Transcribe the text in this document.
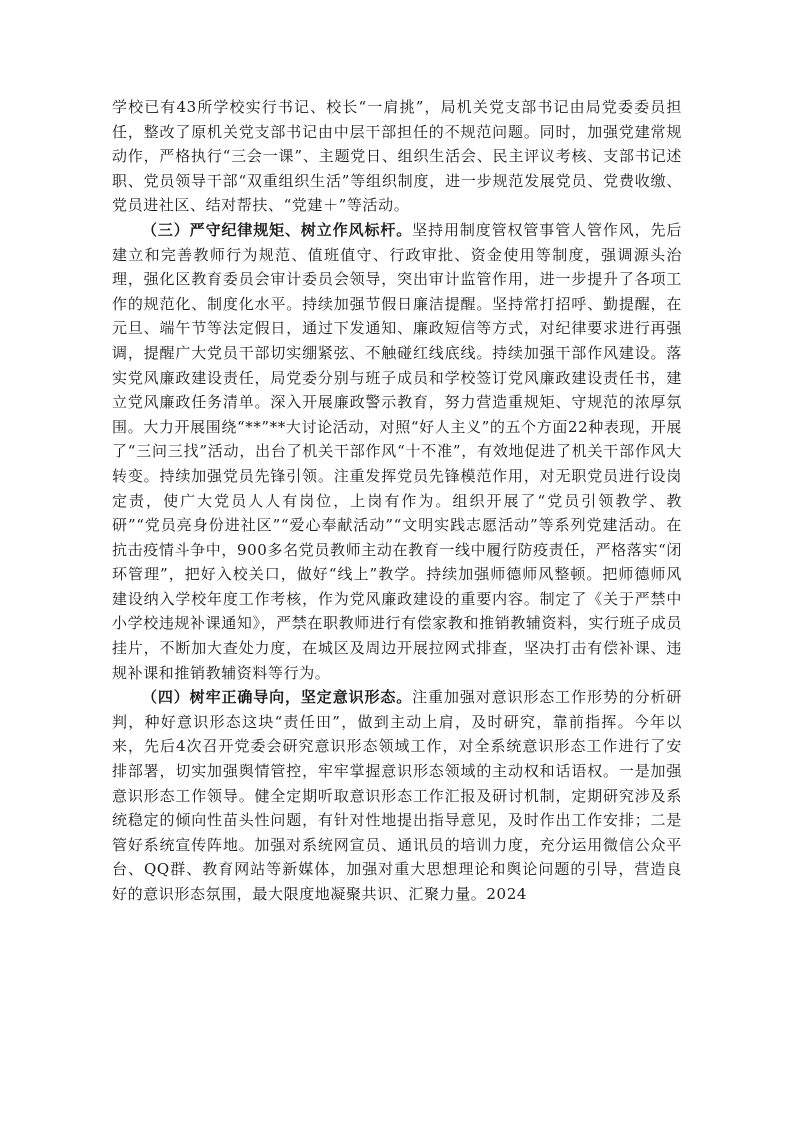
学校已有43所学校实行书记、校长“一肩挑”，局机关党支部书记由局党委委员担任，整改了原机关党支部书记由中层干部担任的不规范问题。同时，加强党建常规动作，严格执行“三会一课”、主题党日、组织生活会、民主评议考核、支部书记述职、党员领导干部“双重组织生活”等组织制度，进一步规范发展党员、党费收缴、党员进社区、结对帮扶、“党建＋”等活动。

（三）严守纪律规矩、树立作风标杆。坚持用制度管权管事管人管作风，先后建立和完善教师行为规范、值班值守、行政审批、资金使用等制度，强调源头治理，强化区教育委员会审计委员会领导，突出审计监管作用，进一步提升了各项工作的规范化、制度化水平。持续加强节假日廉洁提醒。坚持常打招呼、勤提醒，在元旦、端午节等法定假日，通过下发通知、廉政短信等方式，对纪律要求进行再强调，提醒广大党员干部切实绷紧弦、不触碰红线底线。持续加强干部作风建设。落实党风廉政建设责任，局党委分别与班子成员和学校签订党风廉政建设责任书，建立党风廉政任务清单。深入开展廉政警示教育，努力营造重规矩、守规范的浓厚氛围。大力开展围绕“**”**大讨论活动，对照“好人主义”的五个方面22种表现，开展了“三问三找”活动，出台了机关干部作风“十不准”，有效地促进了机关干部作风大转变。持续加强党员先锋引领。注重发挥党员先锋模范作用，对无职党员进行设岗定责，使广大党员人人有岗位，上岗有作为。组织开展了“党员引领教学、教研”“党员亮身份进社区”“爱心奉献活动”“文明实践志愿活动”等系列党建活动。在抗击疫情斗争中，900多名党员教师主动在教育一线中履行防疫责任，严格落实“闭环管理”，把好入校关口，做好“线上”教学。持续加强师德师风整顿。把师德师风建设纳入学校年度工作考核，作为党风廉政建设的重要内容。制定了《关于严禁中小学校违规补课通知》，严禁在职教师进行有偿家教和推销教辅资料，实行班子成员挂片，不断加大查处力度，在城区及周边开展拉网式排查，坚决打击有偿补课、违规补课和推销教辅资料等行为。

（四）树牢正确导向，坚定意识形态。注重加强对意识形态工作形势的分析研判，种好意识形态这块“责任田”，做到主动上肩，及时研究，靠前指挥。今年以来，先后4次召开党委会研究意识形态领域工作，对全系统意识形态工作进行了安排部署，切实加强舆情管控，牢牢掌握意识形态领域的主动权和话语权。一是加强意识形态工作领导。健全定期听取意识形态工作汇报及研讨机制，定期研究涉及系统稳定的倾向性苗头性问题，有针对性地提出指导意见，及时作出工作安排；二是管好系统宣传阵地。加强对系统网宣员、通讯员的培训力度，充分运用微信公众平台、QQ群、教育网站等新媒体，加强对重大思想理论和舆论问题的引导，营造良好的意识形态氛围，最大限度地凝聚共识、汇聚力量。2024
